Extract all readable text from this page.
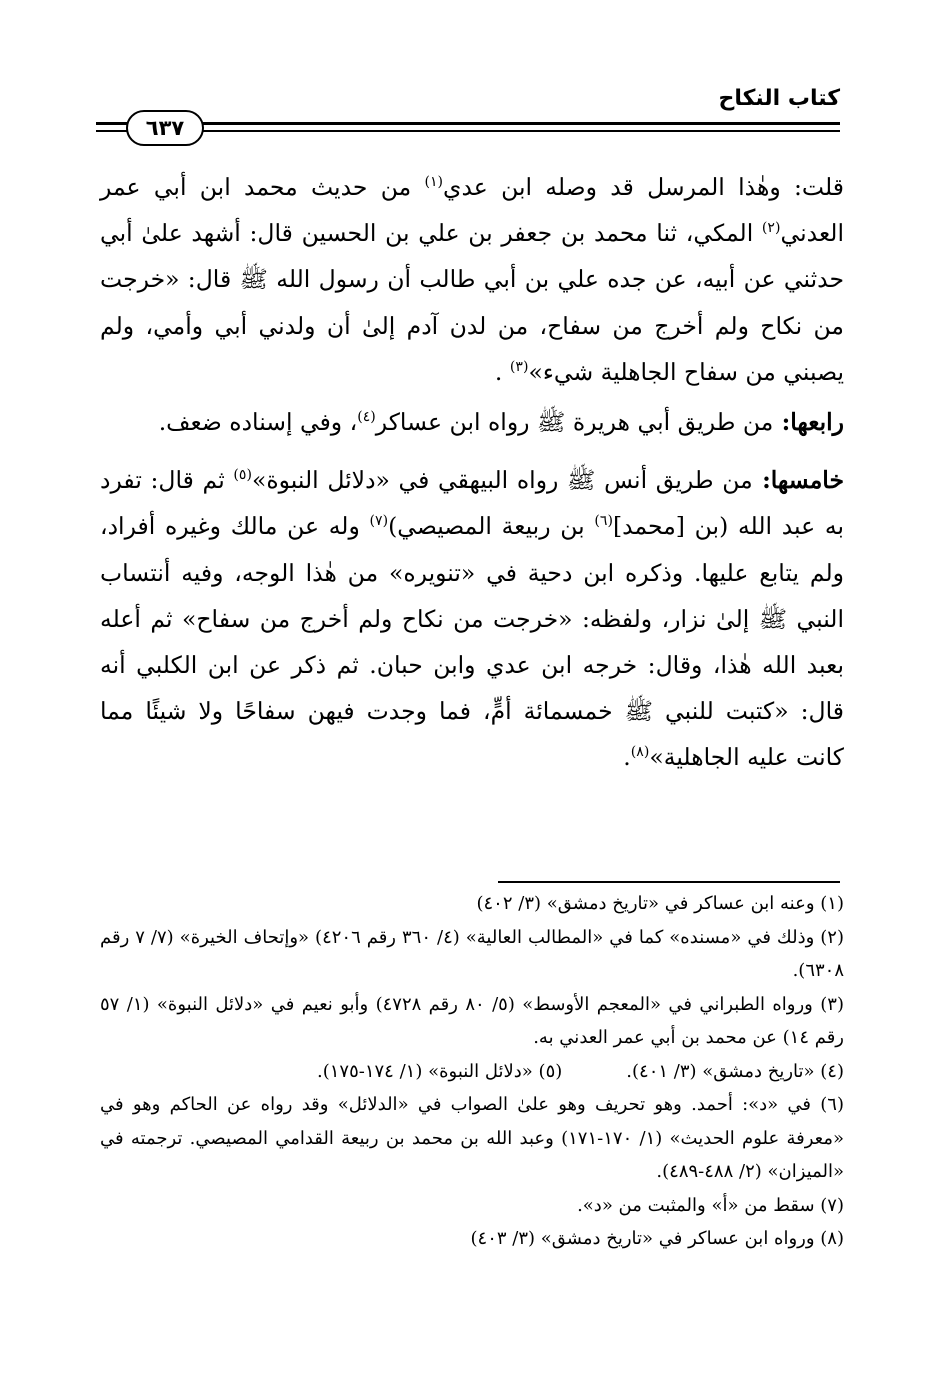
كتاب النكاح
٦٣٧

قلت: وهٰذا المرسل قد وصله ابن عدي$^{(١)}$ من حديث محمد ابن أبي عمر العدني$^{(٢)}$ المكي، ثنا محمد بن جعفر بن علي بن الحسين قال: أشهد علىٰ أبي حدثني عن أبيه، عن جده علي بن أبي طالب أن رسول الله ﷺ قال: «خرجت من نكاح ولم أخرج من سفاح، من لدن آدم إلىٰ أن ولدني أبي وأمي، ولم يصبني من سفاح الجاهلية شيء»$^{(٣)}$ .

رابعها: من طريق أبي هريرة ﷺ رواه ابن عساكر$^{(٤)}$، وفي إسناده ضعف.

خامسها: من طريق أنس ﷺ رواه البيهقي في «دلائل النبوة»$^{(٥)}$ ثم قال: تفرد به عبد الله (بن [محمد]$^{(٦)}$ بن ربيعة المصيصي)$^{(٧)}$ وله عن مالك وغيره أفراد، ولم يتابع عليها. وذكره ابن دحية في «تنويره» من هٰذا الوجه، وفيه أنتساب النبي ﷺ إلىٰ نزار، ولفظه: «خرجت من نكاح ولم أخرج من سفاح» ثم أعله بعبد الله هٰذا، وقال: خرجه ابن عدي وابن حبان. ثم ذكر عن ابن الكلبي أنه قال: «كتبت للنبي ﷺ خمسمائة أمٍّ، فما وجدت فيهن سفاحًا ولا شيئًا مما كانت عليه الجاهلية»$^{(٨)}$.

(١) وعنه ابن عساكر في «تاريخ دمشق» (٣/ ٤٠٢)

(٢) وذلك في «مسنده» كما في «المطالب العالية» (٤/ ٣٦٠ رقم ٤٢٠٦) «وإتحاف الخيرة» (٧/ ٧ رقم ٦٣٠٨).

(٣) ورواه الطبراني في «المعجم الأوسط» (٥/ ٨٠ رقم ٤٧٢٨) وأبو نعيم في «دلائل النبوة» (١/ ٥٧ رقم ١٤) عن محمد بن أبي عمر العدني به.

(٤) «تاريخ دمشق» (٣/ ٤٠١).
(٥) «دلائل النبوة» (١/ ١٧٤-١٧٥).

(٦) في «د»: أحمد. وهو تحريف وهو علىٰ الصواب في «الدلائل» وقد رواه عن الحاكم وهو في «معرفة علوم الحديث» (١/ ١٧٠-١٧١) وعبد الله بن محمد بن ربيعة القدامي المصيصي. ترجمته في «الميزان» (٢/ ٤٨٨-٤٨٩).

(٧) سقط من «أ» والمثبت من «د».

(٨) ورواه ابن عساكر في «تاريخ دمشق» (٣/ ٤٠٣)
